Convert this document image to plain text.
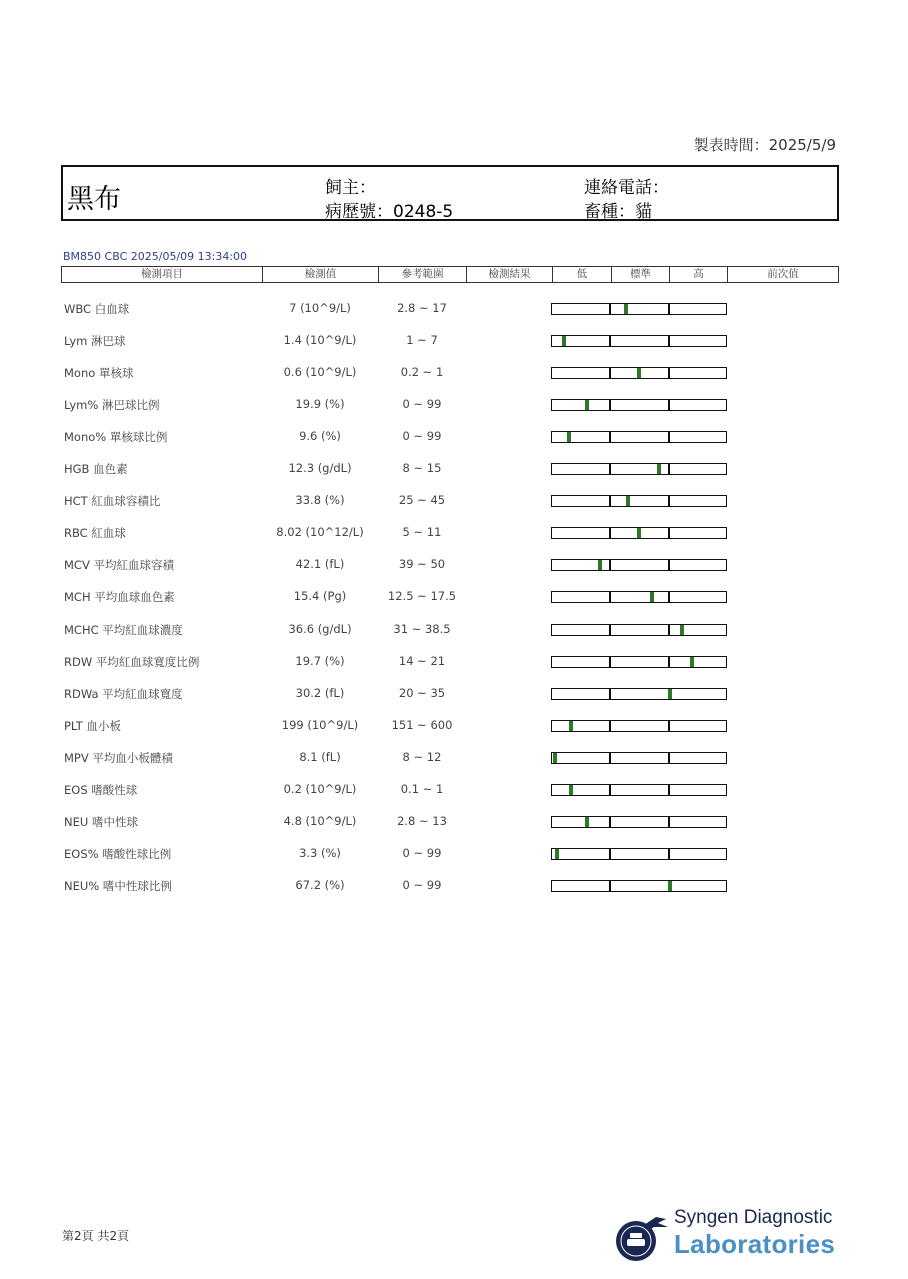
製表時間：2025/5/9
黑布	飼主：
病歷號：0248-5
連絡電話：
畜種：貓
BM850 CBC 2025/05/09 13:34:00
檢測項目	檢測值	參考範圍	檢測結果	低	標準	高	前次值
WBC 白血球	7 (10^9/L)	2.8 ~ 17
Lym 淋巴球	1.4 (10^9/L)	1 ~ 7
Mono 單核球	0.6 (10^9/L)	0.2 ~ 1
Lym% 淋巴球比例	19.9 (%)	0 ~ 99
Mono% 單核球比例	9.6 (%)	0 ~ 99
HGB 血色素	12.3 (g/dL)	8 ~ 15
HCT 紅血球容積比	33.8 (%)	25 ~ 45
RBC 紅血球	8.02 (10^12/L)	5 ~ 11
MCV 平均紅血球容積	42.1 (fL)	39 ~ 50
MCH 平均血球血色素	15.4 (Pg)	12.5 ~ 17.5
MCHC 平均紅血球濃度	36.6 (g/dL)	31 ~ 38.5
RDW 平均紅血球寬度比例	19.7 (%)	14 ~ 21
RDWa 平均紅血球寬度	30.2 (fL)	20 ~ 35
PLT 血小板	199 (10^9/L)	151 ~ 600
MPV 平均血小板體積	8.1 (fL)	8 ~ 12
EOS 嗜酸性球	0.2 (10^9/L)	0.1 ~ 1
NEU 嗜中性球	4.8 (10^9/L)	2.8 ~ 13
EOS% 嗜酸性球比例	3.3 (%)	0 ~ 99
NEU% 嗜中性球比例	67.2 (%)	0 ~ 99
第2頁 共2頁
Syngen Diagnostic
Laboratories
